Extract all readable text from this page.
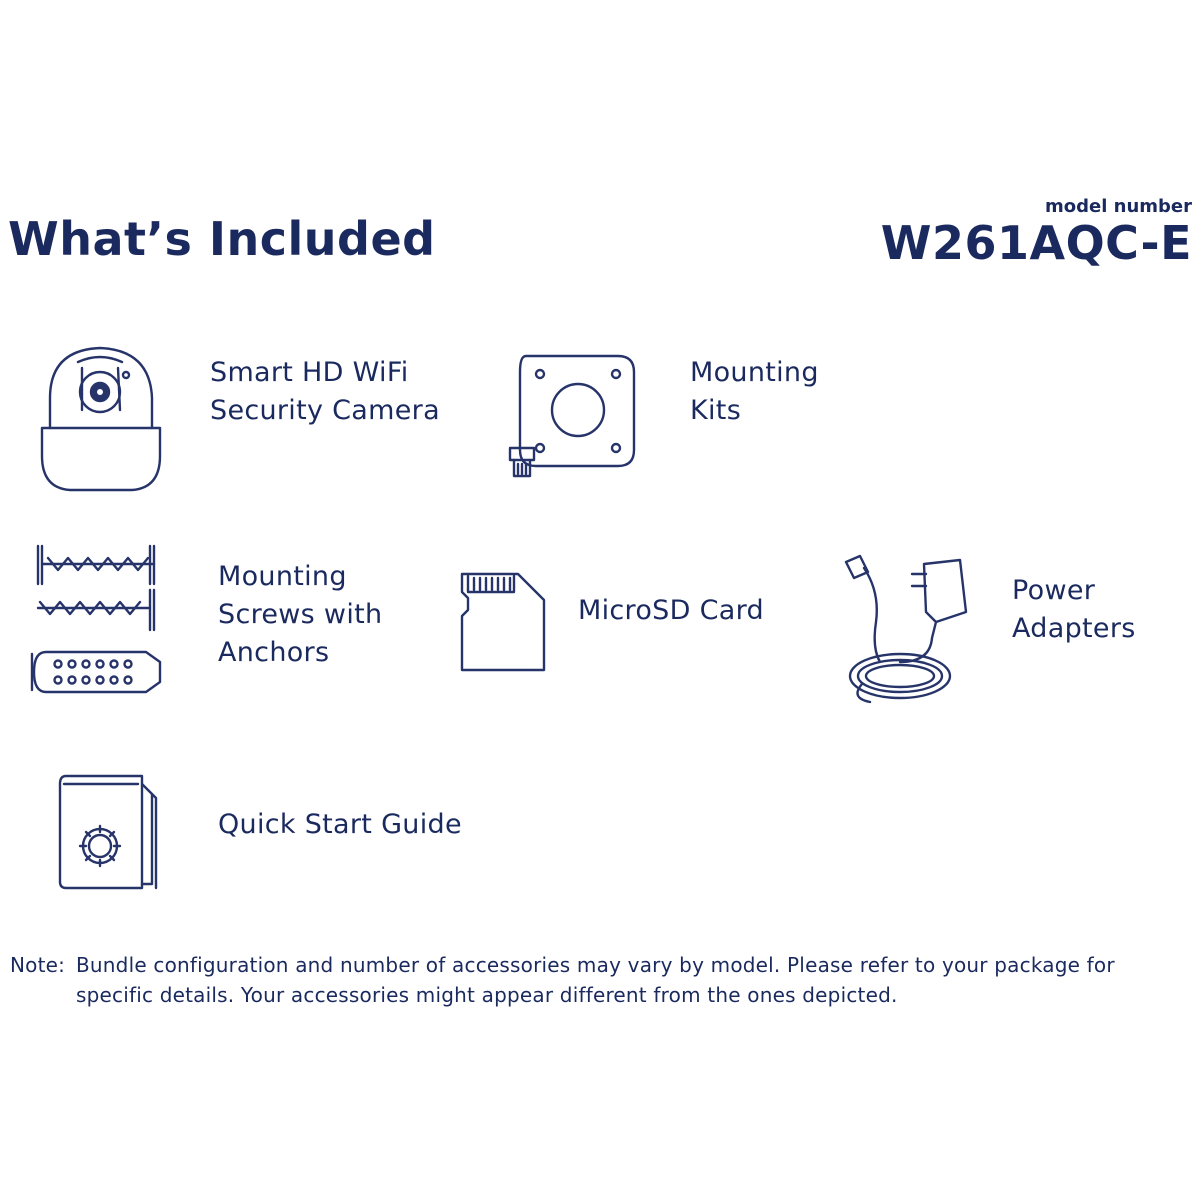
What’s Included
model number
W261AQC-E
Smart HD WiFi
Security Camera
Mounting
Kits
Mounting
Screws with
Anchors
MicroSD Card
Power
Adapters
Quick Start Guide
Note: Bundle configuration and number of accessories may vary by model. Please refer to your package for
specific details. Your accessories might appear different from the ones depicted.
